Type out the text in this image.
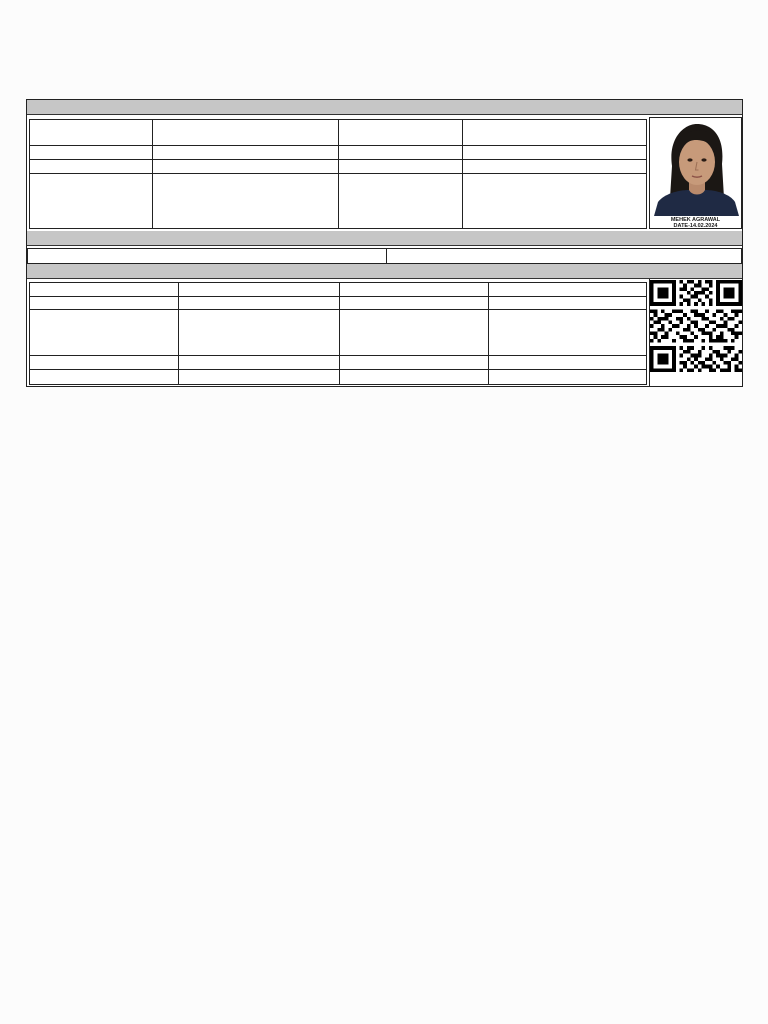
MEHEK AGRAWAL
DATE-14.02.2024
